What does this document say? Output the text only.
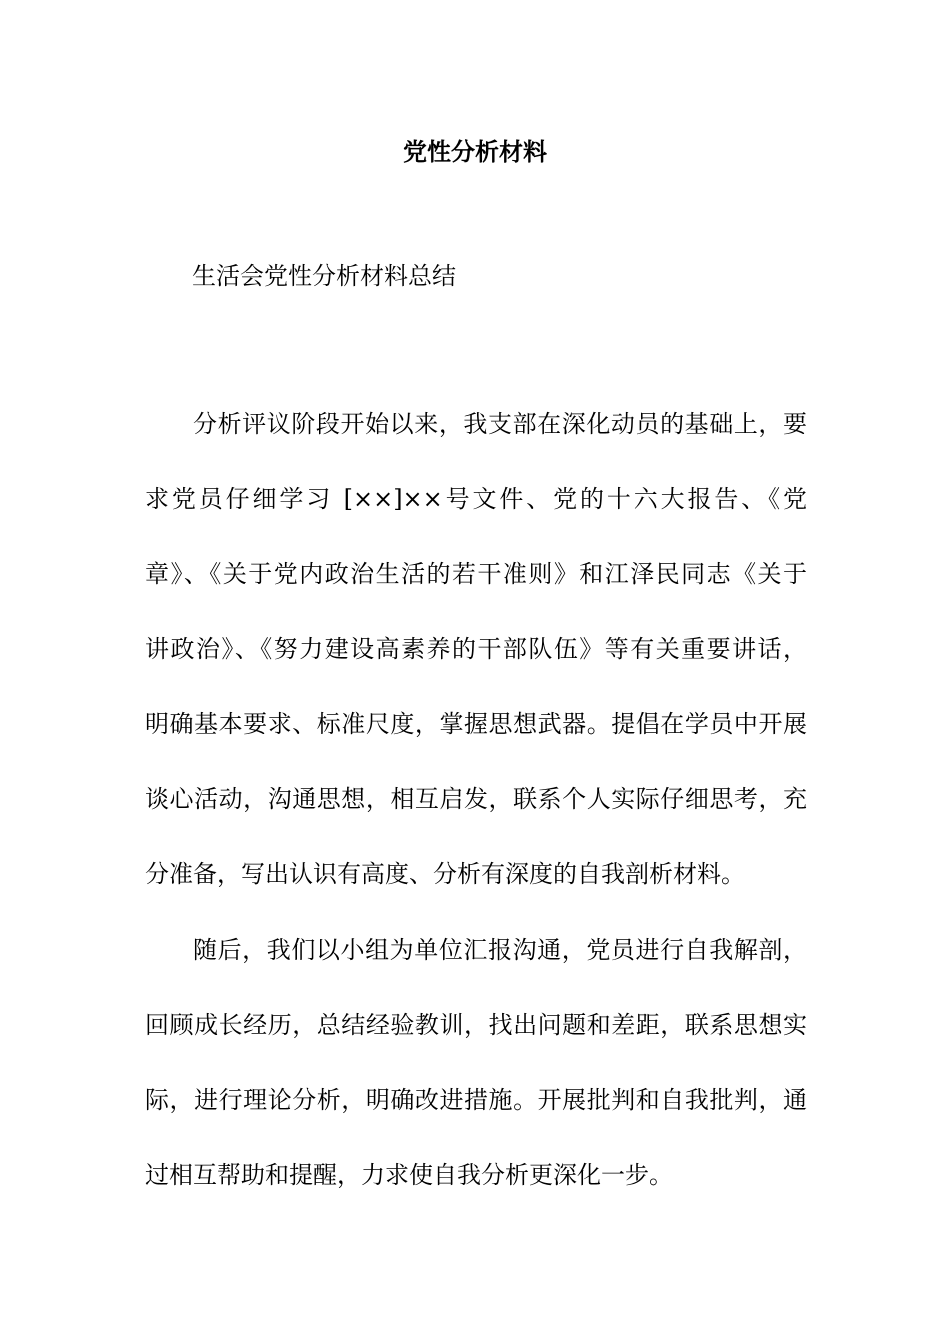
党性分析材料

生活会党性分析材料总结

分析评议阶段开始以来，我支部在深化动员的基础上，要
求党员仔细学习 [××]××号文件、党的十六大报告、《党
章》、《关于党内政治生活的若干准则》和江泽民同志《关于
讲政治》、《努力建设高素养的干部队伍》等有关重要讲话，
明确基本要求、标准尺度，掌握思想武器。提倡在学员中开展
谈心活动，沟通思想，相互启发，联系个人实际仔细思考，充
分准备，写出认识有高度、分析有深度的自我剖析材料。
随后，我们以小组为单位汇报沟通，党员进行自我解剖，
回顾成长经历，总结经验教训，找出问题和差距，联系思想实
际，进行理论分析，明确改进措施。开展批判和自我批判，通
过相互帮助和提醒，力求使自我分析更深化一步。
